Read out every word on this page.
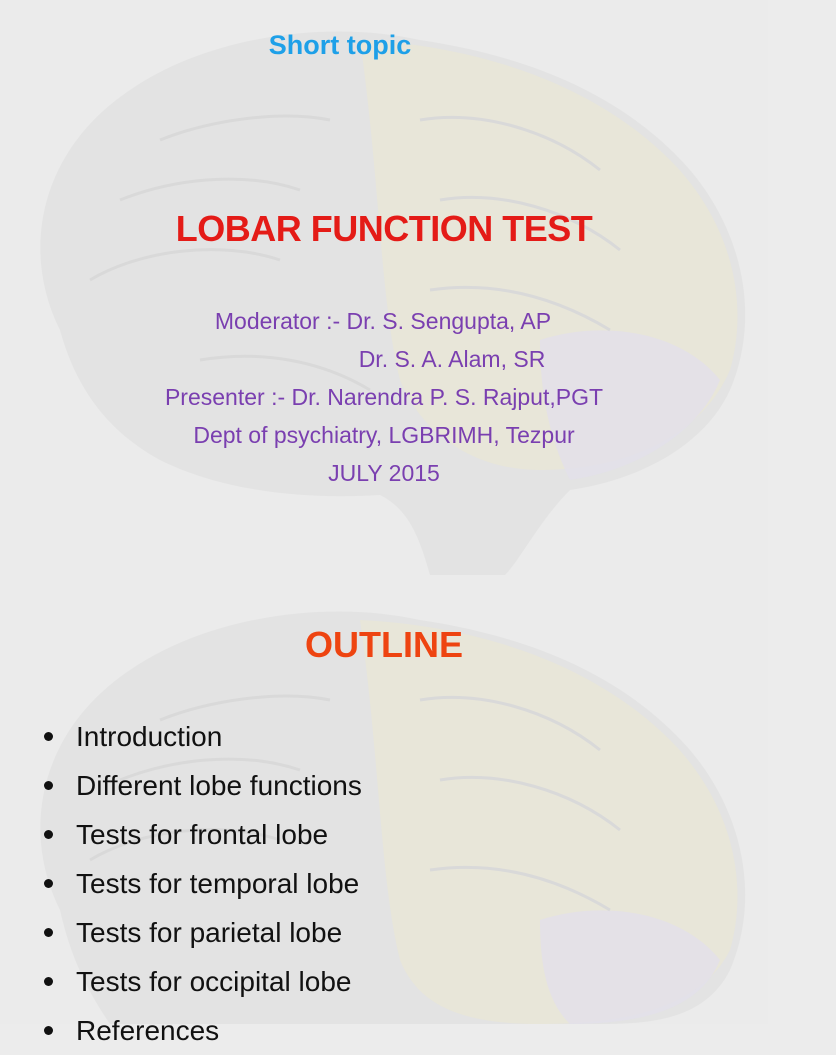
Short topic
LOBAR FUNCTION TEST
Moderator :- Dr. S. Sengupta, AP
Dr. S. A. Alam, SR
Presenter :- Dr. Narendra P. S. Rajput,PGT
Dept of psychiatry, LGBRIMH, Tezpur
JULY 2015
OUTLINE
Introduction
Different lobe functions
Tests for frontal lobe
Tests for temporal lobe
Tests for parietal lobe
Tests for occipital lobe
References
